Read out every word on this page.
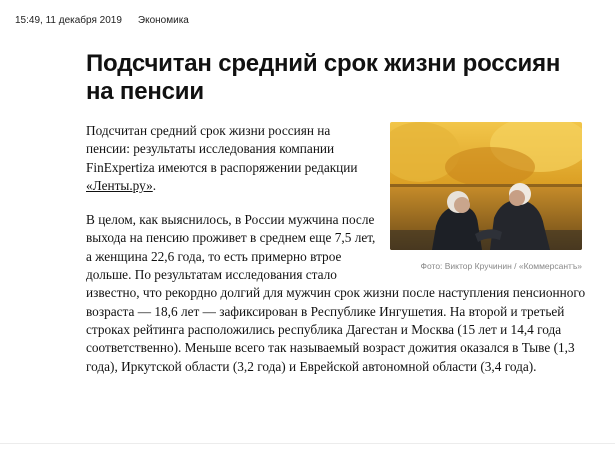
15:49, 11 декабря 2019 Экономика
Подсчитан средний срок жизни россиян на пенсии
Фото: Виктор Кручинин / «Коммерсантъ»

Подсчитан средний срок жизни россиян на пенсии: результаты исследования компании FinExpertiza имеются в распоряжении редакции «Ленты.ру».

В целом, как выяснилось, в России мужчина после выхода на пенсию проживет в среднем еще 7,5 лет, а женщина 22,6 года, то есть примерно втрое дольше. По результатам исследования стало известно, что рекордно долгий для мужчин срок жизни после наступления пенсионного возраста — 18,6 лет — зафиксирован в Республике Ингушетия. На второй и третьей строках рейтинга расположились республика Дагестан и Москва (15 лет и 14,4 года соответственно). Меньше всего так называемый возраст дожития оказался в Тыве (1,3 года), Иркутской области (3,2 года) и Еврейской автономной области (3,4 года).
